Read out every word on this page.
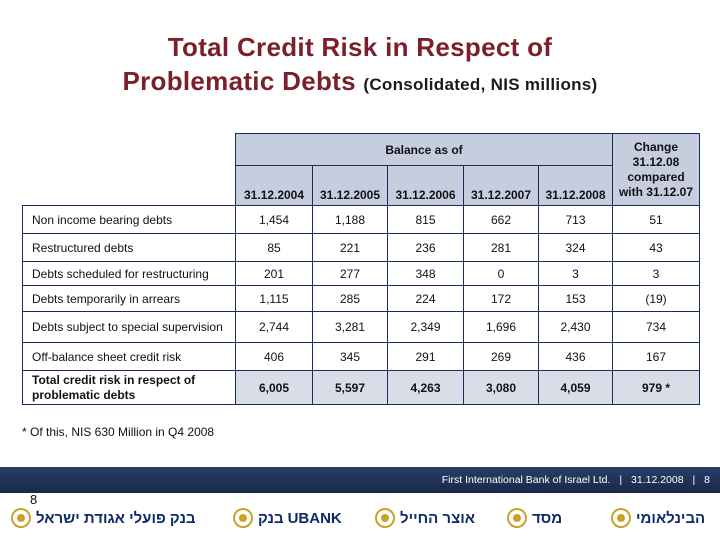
Total Credit Risk in Respect of
Problematic Debts (Consolidated, NIS millions)
	Balance as of					Change 31.12.08 compared with 31.12.07
	31.12.2004	31.12.2005	31.12.2006	31.12.2007	31.12.2008	
Non income bearing debts	1,454	1,188	815	662	713	51
Restructured debts	85	221	236	281	324	43
Debts scheduled for restructuring	201	277	348	0	3	3
Debts temporarily in arrears	1,115	285	224	172	153	(19)
Debts subject to special supervision	2,744	3,281	2,349	1,696	2,430	734
Off-balance sheet credit risk	406	345	291	269	436	167
Total credit risk in respect of problematic debts	6,005	5,597	4,263	3,080	4,059	979 *
* Of this, NIS 630 Million in Q4 2008
First International Bank of Israel Ltd. | 31.12.2008 | 8
8
בנק פועלי אגודת ישראל	בנק UBANK	אוצר החייל	מסד	הבינלאומי
